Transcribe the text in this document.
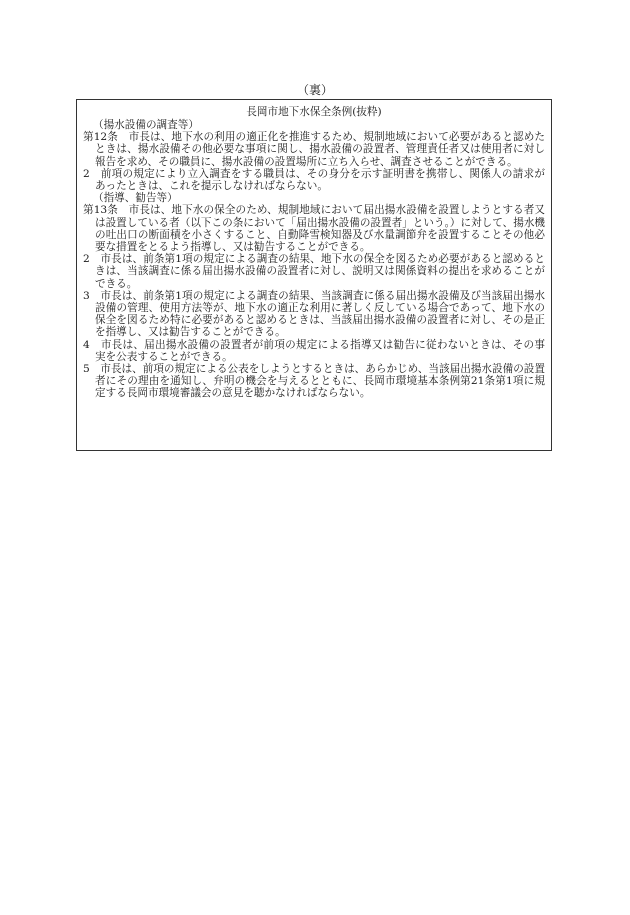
（裏）

長岡市地下水保全条例(抜粋)

（揚水設備の調査等）

第12条　市長は、地下水の利用の適正化を推進するため、規制地域において必要があると認めたときは、揚水設備その他必要な事項に関し、揚水設備の設置者、管理責任者又は使用者に対し報告を求め、その職員に、揚水設備の設置場所に立ち入らせ、調査させることができる。

2　前項の規定により立入調査をする職員は、その身分を示す証明書を携帯し、関係人の請求があったときは、これを提示しなければならない。

（指導、勧告等）

第13条　市長は、地下水の保全のため、規制地域において届出揚水設備を設置しようとする者又は設置している者（以下この条において「届出揚水設備の設置者」という。）に対して、揚水機の吐出口の断面積を小さくすること、自動降雪検知器及び水量調節弁を設置することその他必要な措置をとるよう指導し、又は勧告することができる。

2　市長は、前条第1項の規定による調査の結果、地下水の保全を図るため必要があると認めるときは、当該調査に係る届出揚水設備の設置者に対し、説明又は関係資料の提出を求めることができる。

3　市長は、前条第1項の規定による調査の結果、当該調査に係る届出揚水設備及び当該届出揚水設備の管理、使用方法等が、地下水の適正な利用に著しく反している場合であって、地下水の保全を図るため特に必要があると認めるときは、当該届出揚水設備の設置者に対し、その是正を指導し、又は勧告することができる。

4　市長は、届出揚水設備の設置者が前項の規定による指導又は勧告に従わないときは、その事実を公表することができる。

5　市長は、前項の規定による公表をしようとするときは、あらかじめ、当該届出揚水設備の設置者にその理由を通知し、弁明の機会を与えるとともに、長岡市環境基本条例第21条第1項に規定する長岡市環境審議会の意見を聴かなければならない。
